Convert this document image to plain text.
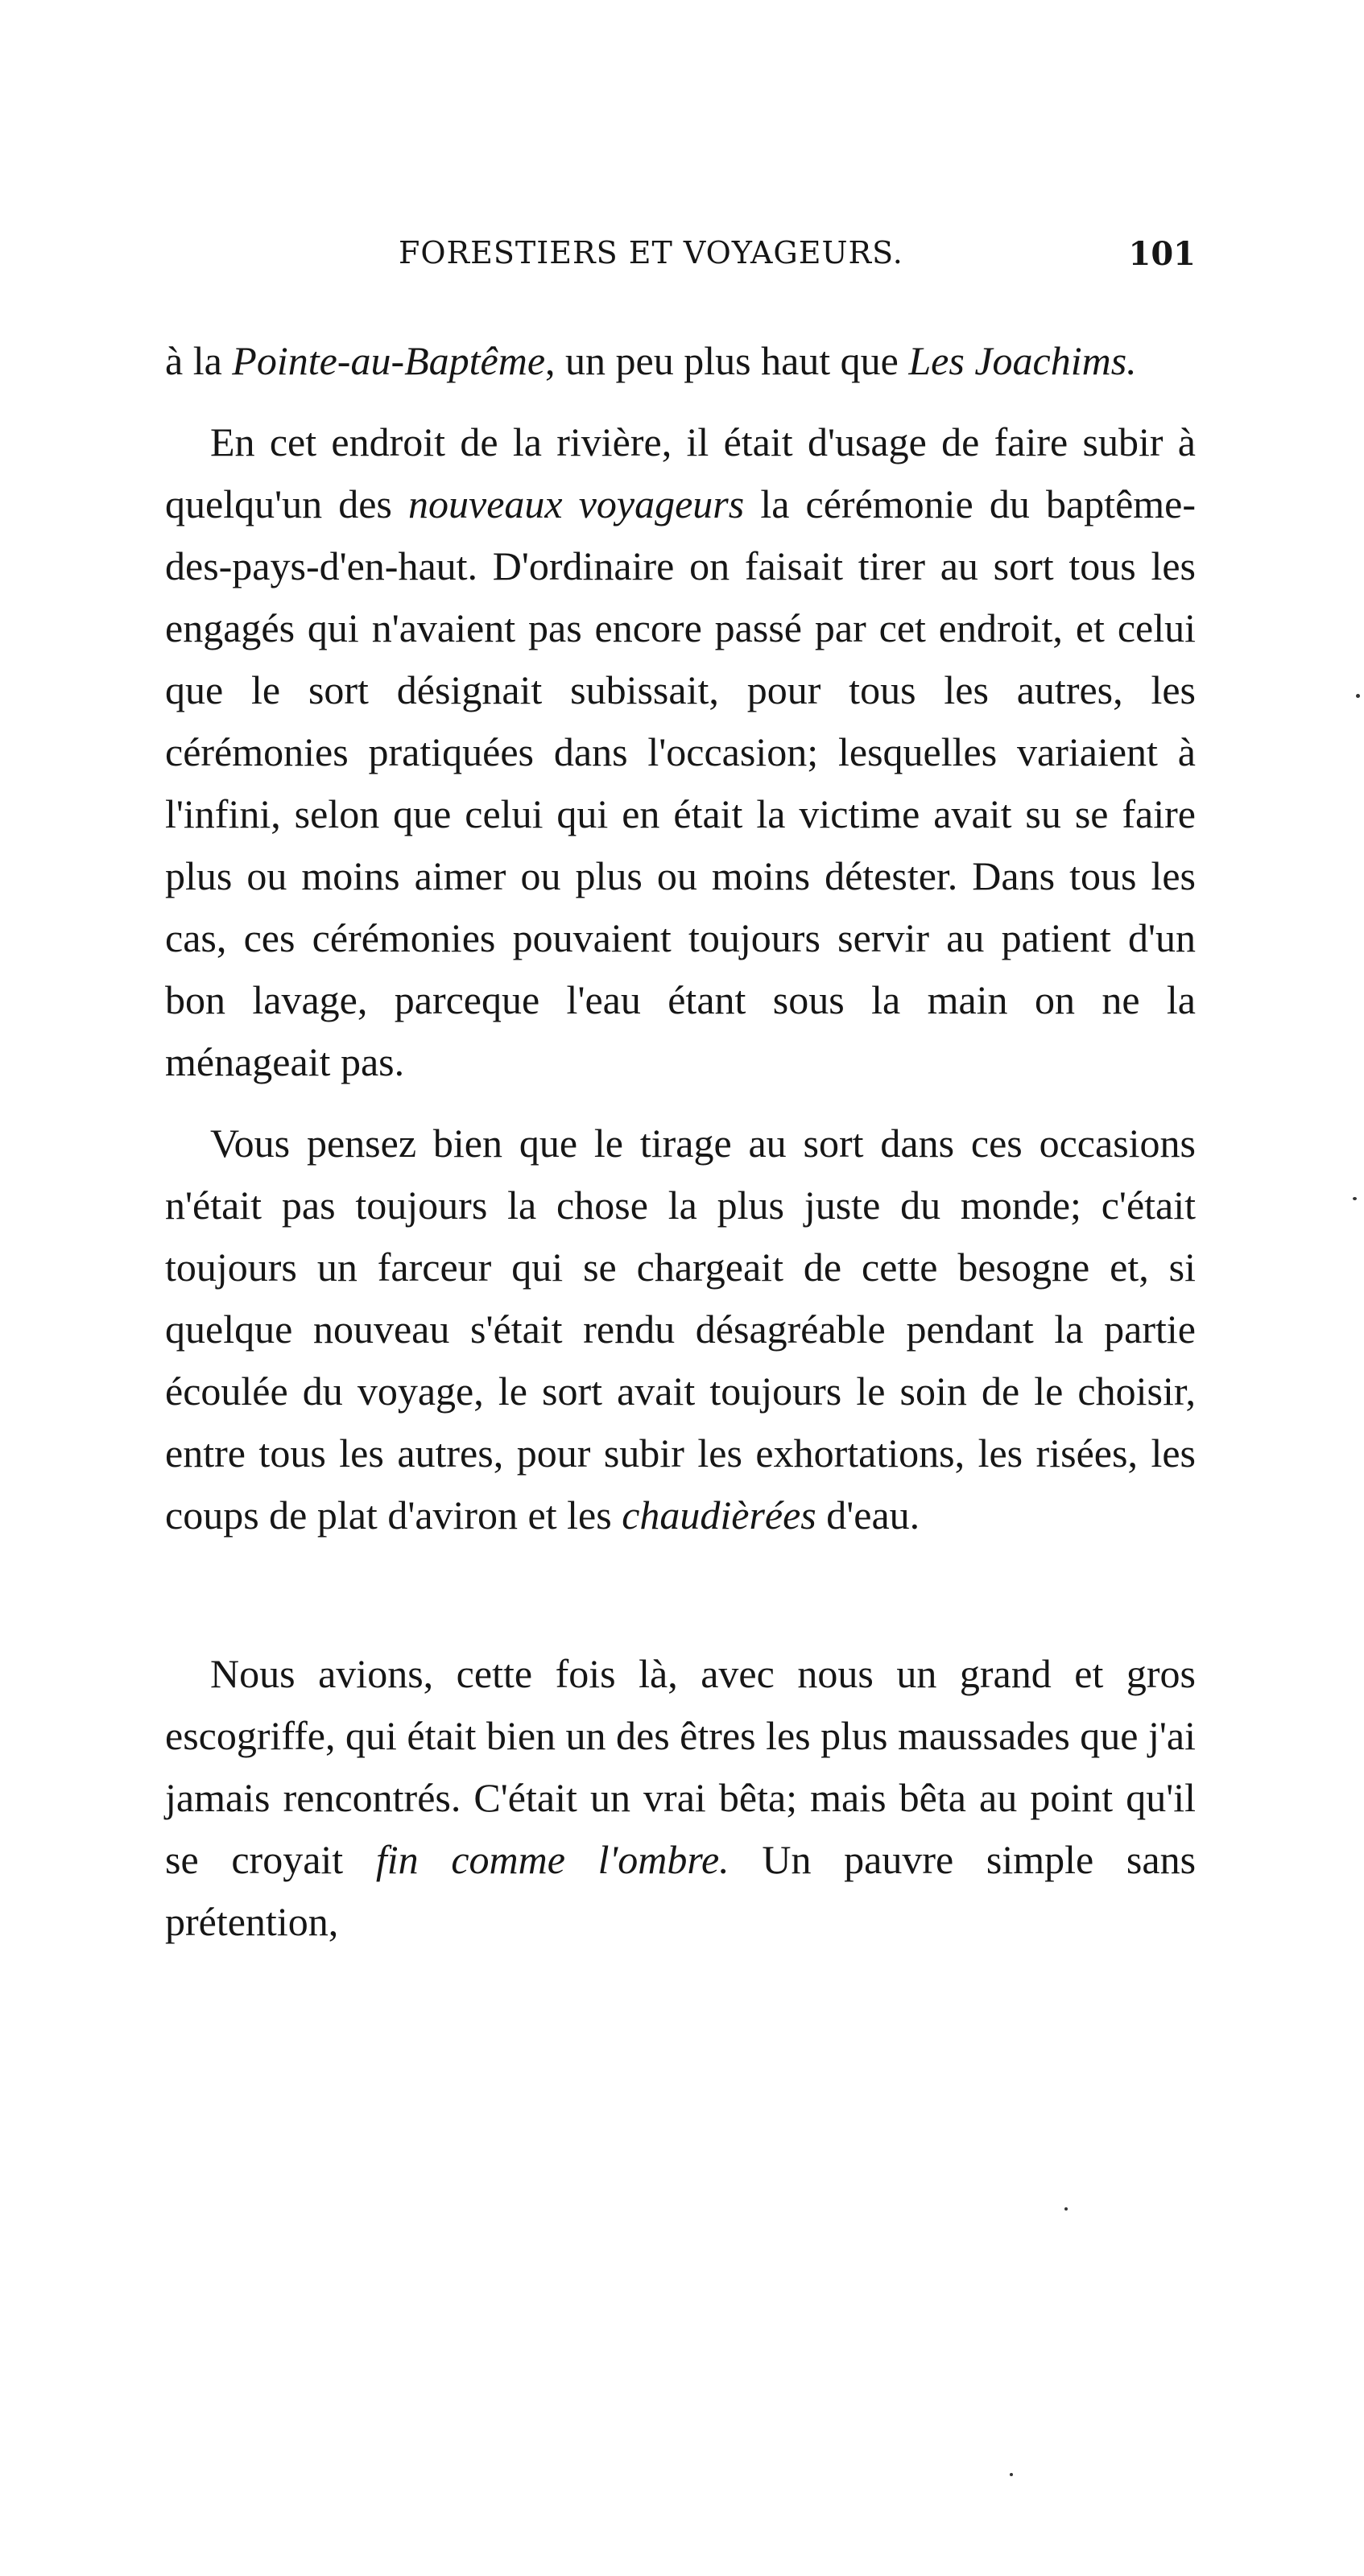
FORESTIERS ET VOYAGEURS.	101

à la Pointe-au-Baptême, un peu plus haut que Les Joachims.

En cet endroit de la rivière, il était d'usage de faire subir à quelqu'un des nouveaux voyageurs la cérémonie du baptême-des-pays-d'en-haut. D'ordinaire on faisait tirer au sort tous les engagés qui n'avaient pas encore passé par cet endroit, et celui que le sort désignait subissait, pour tous les autres, les cérémonies pratiquées dans l'occasion; lesquelles variaient à l'infini, selon que celui qui en était la victime avait su se faire plus ou moins aimer ou plus ou moins détester. Dans tous les cas, ces cérémonies pouvaient toujours servir au patient d'un bon lavage, parceque l'eau étant sous la main on ne la ménageait pas.

Vous pensez bien que le tirage au sort dans ces occasions n'était pas toujours la chose la plus juste du monde; c'était toujours un farceur qui se chargeait de cette besogne et, si quelque nouveau s'était rendu désagréable pendant la partie écoulée du voyage, le sort avait toujours le soin de le choisir, entre tous les autres, pour subir les exhortations, les risées, les coups de plat d'aviron et les chaudièrées d'eau.

Nous avions, cette fois là, avec nous un grand et gros escogriffe, qui était bien un des êtres les plus maussades que j'ai jamais rencontrés. C'était un vrai bêta; mais bêta au point qu'il se croyait fin comme l'ombre. Un pauvre simple sans prétention,
